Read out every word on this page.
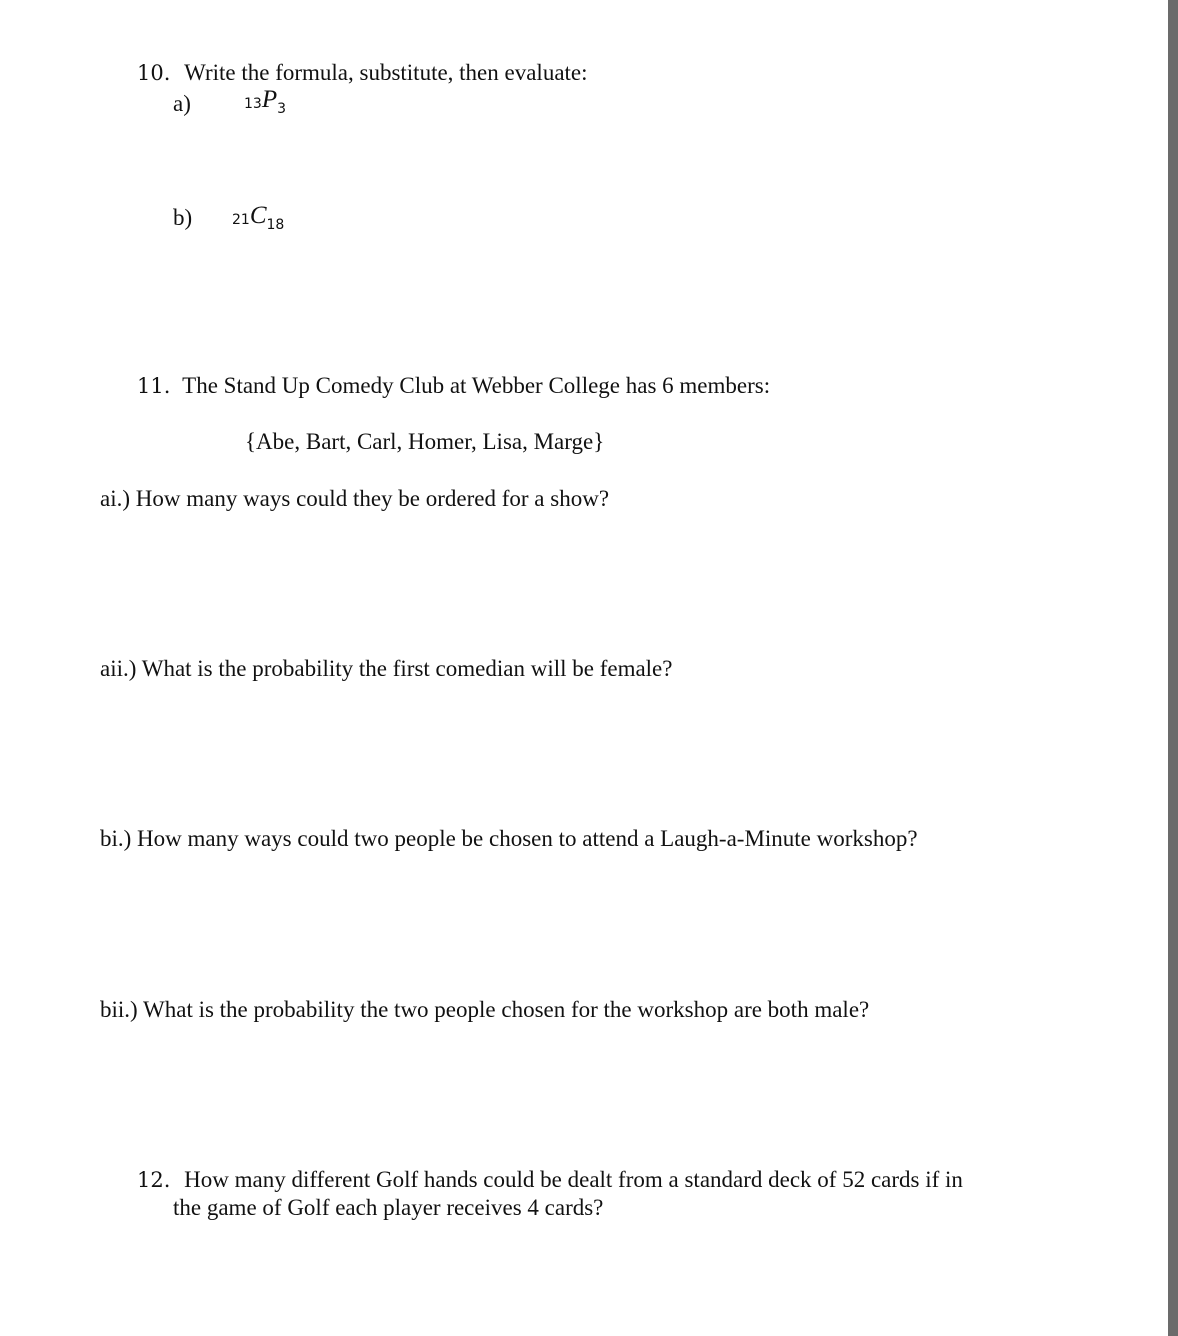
10. Write the formula, substitute, then evaluate:
a)	13P3
b)	21C18
11. The Stand Up Comedy Club at Webber College has 6 members:
{Abe, Bart, Carl, Homer, Lisa, Marge}
ai.) How many ways could they be ordered for a show?
aii.) What is the probability the first comedian will be female?
bi.) How many ways could two people be chosen to attend a Laugh-a-Minute workshop?
bii.) What is the probability the two people chosen for the workshop are both male?
12. How many different Golf hands could be dealt from a standard deck of 52 cards if in
the game of Golf each player receives 4 cards?
